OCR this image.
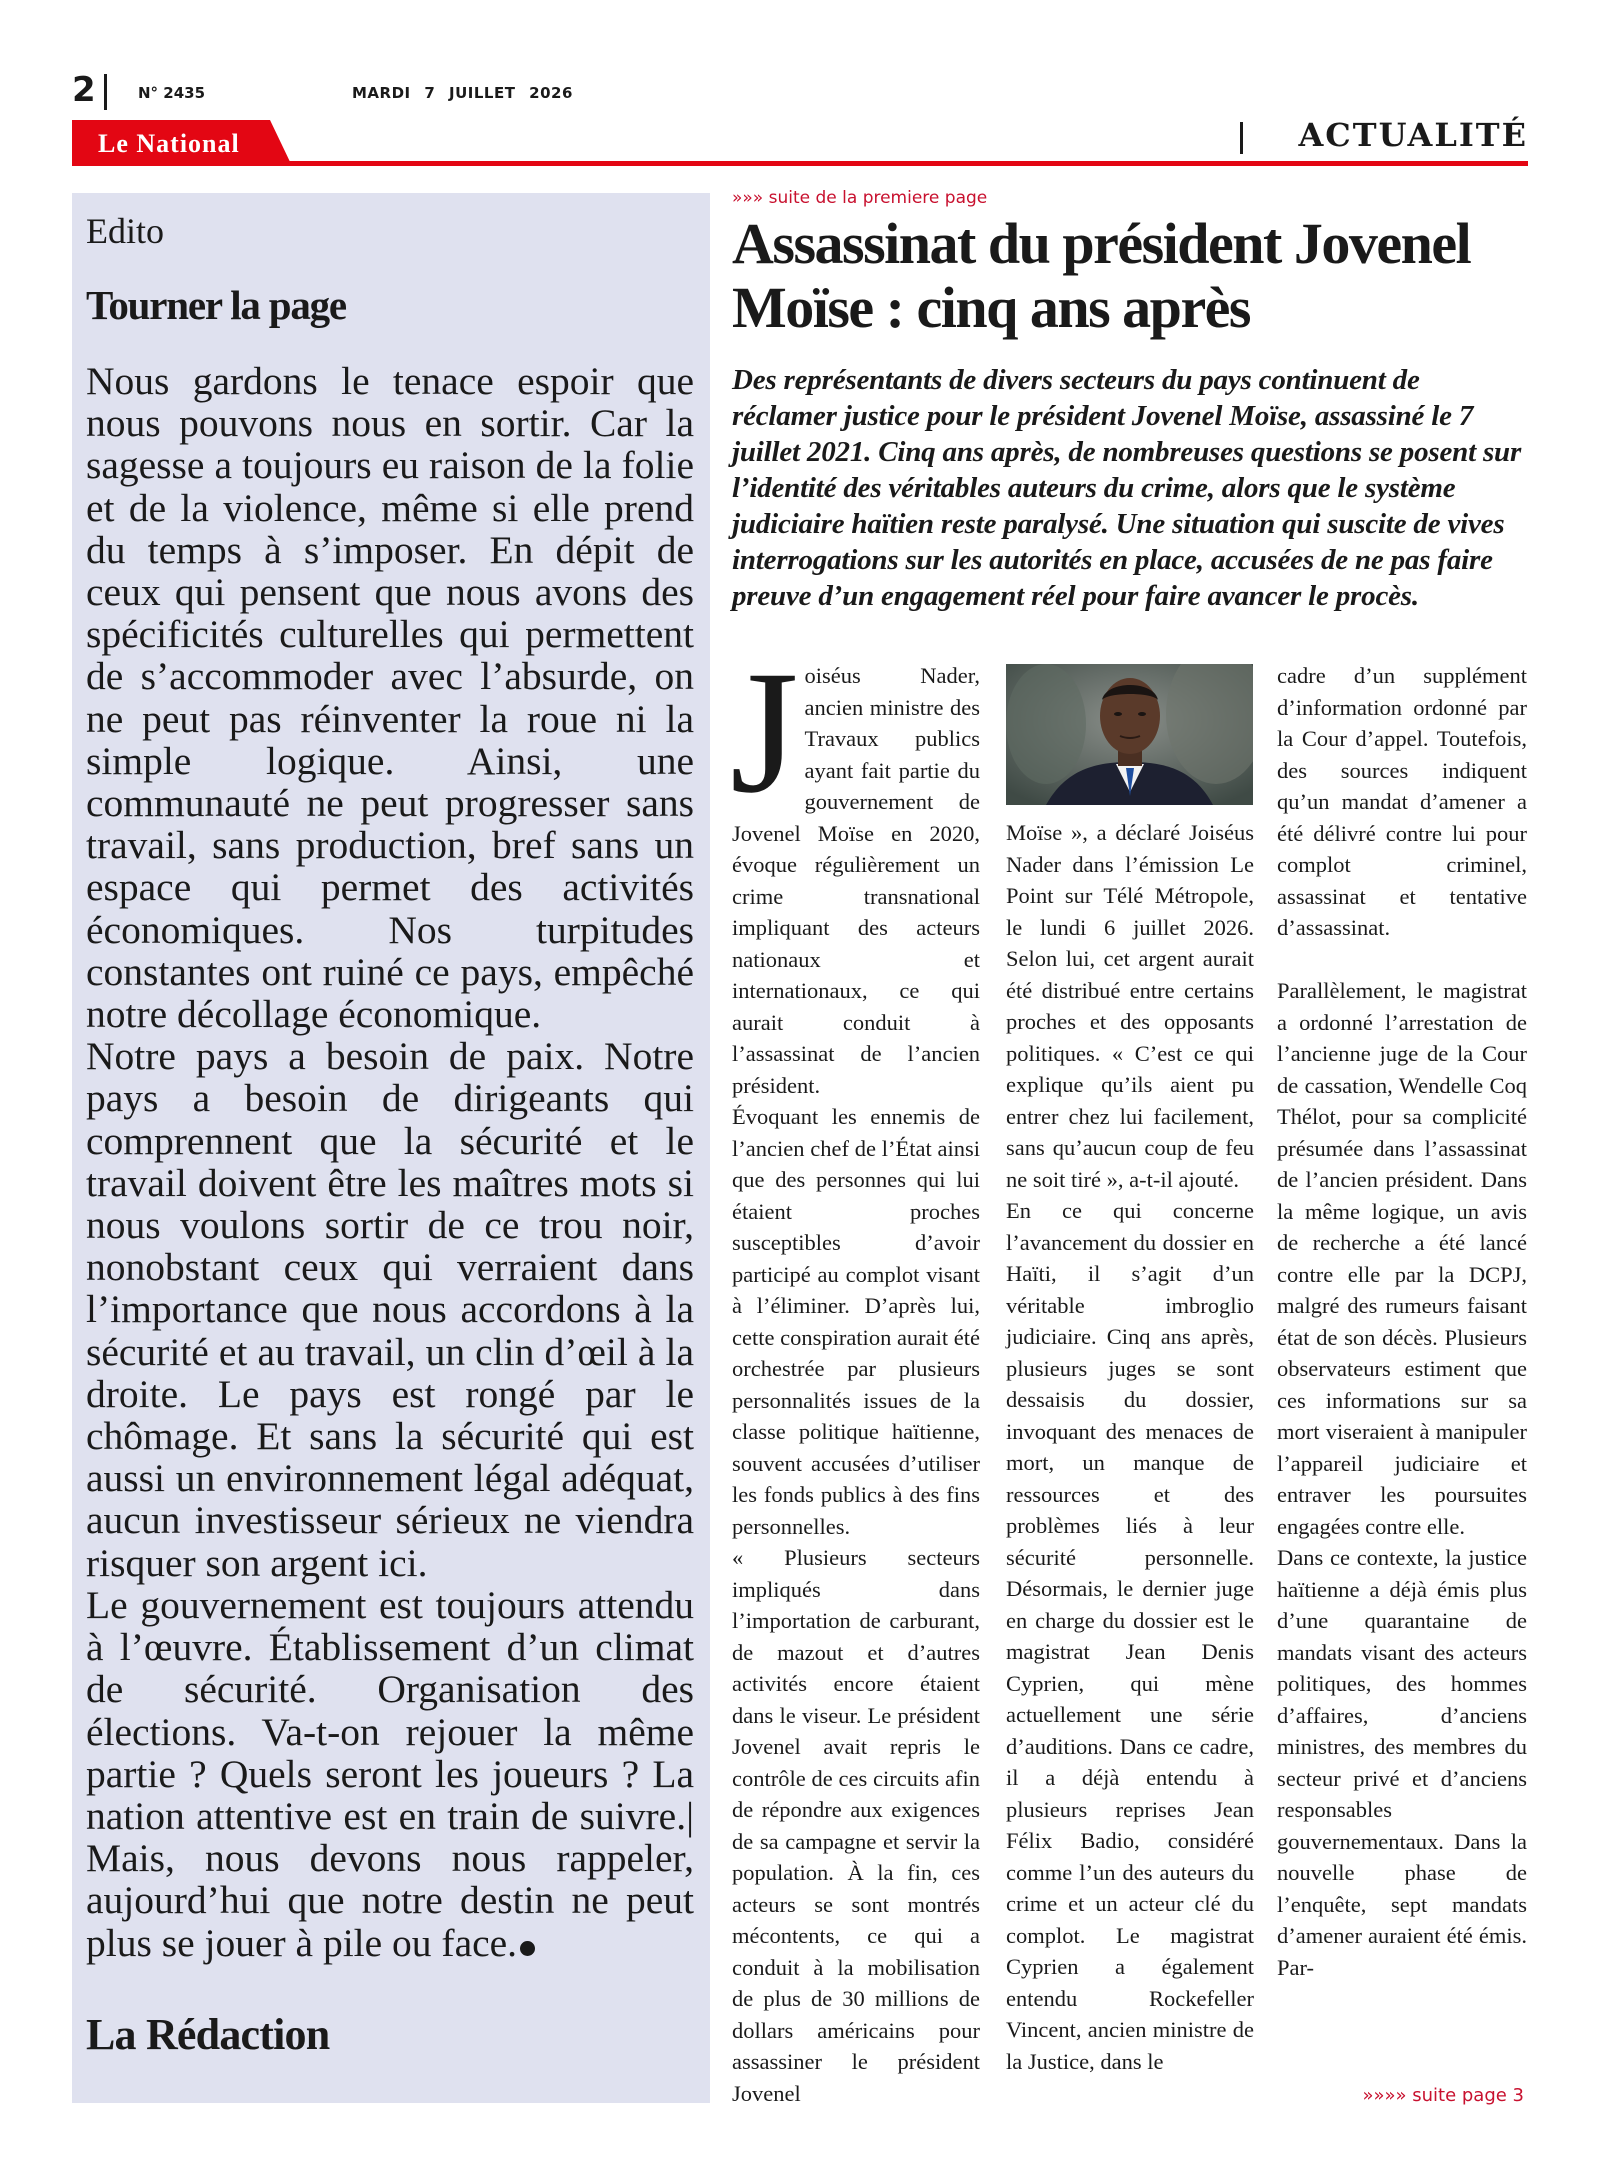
2	N° 2435	MARDI 7 JUILLET 2026
Le National	ACTUALITÉ
Edito
Tourner la page

Nous gardons le tenace espoir que nous pouvons nous en sortir. Car la sagesse a toujours eu raison de la folie et de la violence, même si elle prend du temps à s’imposer. En dépit de ceux qui pensent que nous avons des spécificités culturelles qui permettent de s’accommoder avec l’absurde, on ne peut pas réinventer la roue ni la simple logique. Ainsi, une communauté ne peut progresser sans travail, sans production, bref sans un espace qui permet des activités économiques. Nos turpitudes constantes ont ruiné ce pays, empêché notre décollage économique.

Notre pays a besoin de paix. Notre pays a besoin de dirigeants qui comprennent que la sécurité et le travail doivent être les maîtres mots si nous voulons sortir de ce trou noir, nonobstant ceux qui verraient dans l’importance que nous accordons à la sécurité et au travail, un clin d’œil à la droite. Le pays est rongé par le chômage. Et sans la sécurité qui est aussi un environnement légal adéquat, aucun investisseur sérieux ne viendra risquer son argent ici.

Le gouvernement est toujours attendu à l’œuvre. Établissement d’un climat de sécurité. Organisation des élections. Va-t-on rejouer la même partie ? Quels seront les joueurs ? La nation attentive est en train de suivre.| Mais, nous devons nous rappeler, aujourd’hui que notre destin ne peut plus se jouer à pile ou face.

La Rédaction
»»» suite de la premiere page
Assassinat du président Jovenel Moïse : cinq ans après
Des représentants de divers secteurs du pays continuent de réclamer justice pour le président Jovenel Moïse, assassiné le 7 juillet 2021. Cinq ans après, de nombreuses questions se posent sur l’identité des véritables auteurs du crime, alors que le système judiciaire haïtien reste paralysé. Une situation qui suscite de vives interrogations sur les autorités en place, accusées de ne pas faire preuve d’un engagement réel pour faire avancer le procès.

Joiséus Nader, ancien ministre des Travaux publics ayant fait partie du gouvernement de Jovenel Moïse en 2020, évoque régulièrement un crime transnational impliquant des acteurs nationaux et internationaux, ce qui aurait conduit à l’assassinat de l’ancien président.

Évoquant les ennemis de l’ancien chef de l’État ainsi que des personnes qui lui étaient proches susceptibles d’avoir participé au complot visant à l’éliminer. D’après lui, cette conspiration aurait été orchestrée par plusieurs personnalités issues de la classe politique haïtienne, souvent accusées d’utiliser les fonds publics à des fins personnelles.

« Plusieurs secteurs impliqués dans l’importation de carburant, de mazout et d’autres activités encore étaient dans le viseur. Le président Jovenel avait repris le contrôle de ces circuits afin de répondre aux exigences de sa campagne et servir la population. À la fin, ces acteurs se sont montrés mécontents, ce qui a conduit à la mobilisation de plus de 30 millions de dollars américains pour assassiner le président Jovenel

Moïse », a déclaré Joiséus Nader dans l’émission Le Point sur Télé Métropole, le lundi 6 juillet 2026. Selon lui, cet argent aurait été distribué entre certains proches et des opposants politiques. « C’est ce qui explique qu’ils aient pu entrer chez lui facilement, sans qu’aucun coup de feu ne soit tiré », a-t-il ajouté.

En ce qui concerne l’avancement du dossier en Haïti, il s’agit d’un véritable imbroglio judiciaire. Cinq ans après, plusieurs juges se sont dessaisis du dossier, invoquant des menaces de mort, un manque de ressources et des problèmes liés à leur sécurité personnelle. Désormais, le dernier juge en charge du dossier est le magistrat Jean Denis Cyprien, qui mène actuellement une série d’auditions. Dans ce cadre, il a déjà entendu à plusieurs reprises Jean Félix Badio, considéré comme l’un des auteurs du crime et un acteur clé du complot. Le magistrat Cyprien a également entendu Rockefeller Vincent, ancien ministre de la Justice, dans le

cadre d’un supplément d’information ordonné par la Cour d’appel. Toutefois, des sources indiquent qu’un mandat d’amener a été délivré contre lui pour complot criminel, assassinat et tentative d’assassinat.

Parallèlement, le magistrat a ordonné l’arrestation de l’ancienne juge de la Cour de cassation, Wendelle Coq Thélot, pour sa complicité présumée dans l’assassinat de l’ancien président. Dans la même logique, un avis de recherche a été lancé contre elle par la DCPJ, malgré des rumeurs faisant état de son décès. Plusieurs observateurs estiment que ces informations sur sa mort viseraient à manipuler l’appareil judiciaire et entraver les poursuites engagées contre elle.

Dans ce contexte, la justice haïtienne a déjà émis plus d’une quarantaine de mandats visant des acteurs politiques, des hommes d’affaires, d’anciens ministres, des membres du secteur privé et d’anciens responsables gouvernementaux. Dans la nouvelle phase de l’enquête, sept mandats d’amener auraient été émis. Par-

»»»» suite page 3
